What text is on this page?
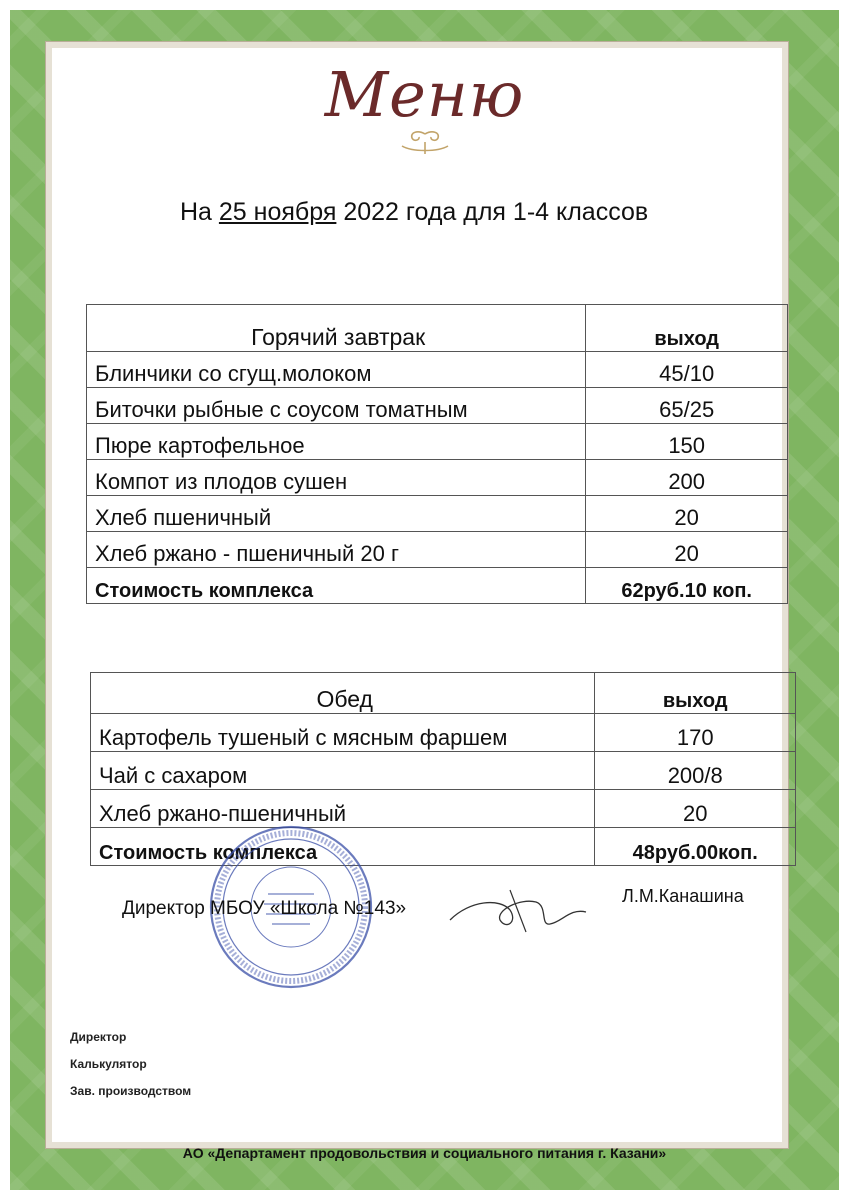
Меню
На 25 ноября 2022 года для 1-4 классов
Горячий завтрак	выход
Блинчики со сгущ.молоком	45/10
Биточки рыбные с соусом томатным	65/25
Пюре картофельное	150
Компот из плодов сушен	200
Хлеб пшеничный	20
Хлеб ржано - пшеничный 20 г	20
Стоимость комплекса	62руб.10 коп.
Обед	выход
Картофель тушеный с мясным фаршем	170
Чай с сахаром	200/8
Хлеб ржано-пшеничный	20
Стоимость комплекса	48руб.00коп.
Директор МБОУ «Школа №143»
Л.М.Канашина
Директор
Калькулятор
Зав. производством
АО «Департамент продовольствия и социального питания г. Казани»
